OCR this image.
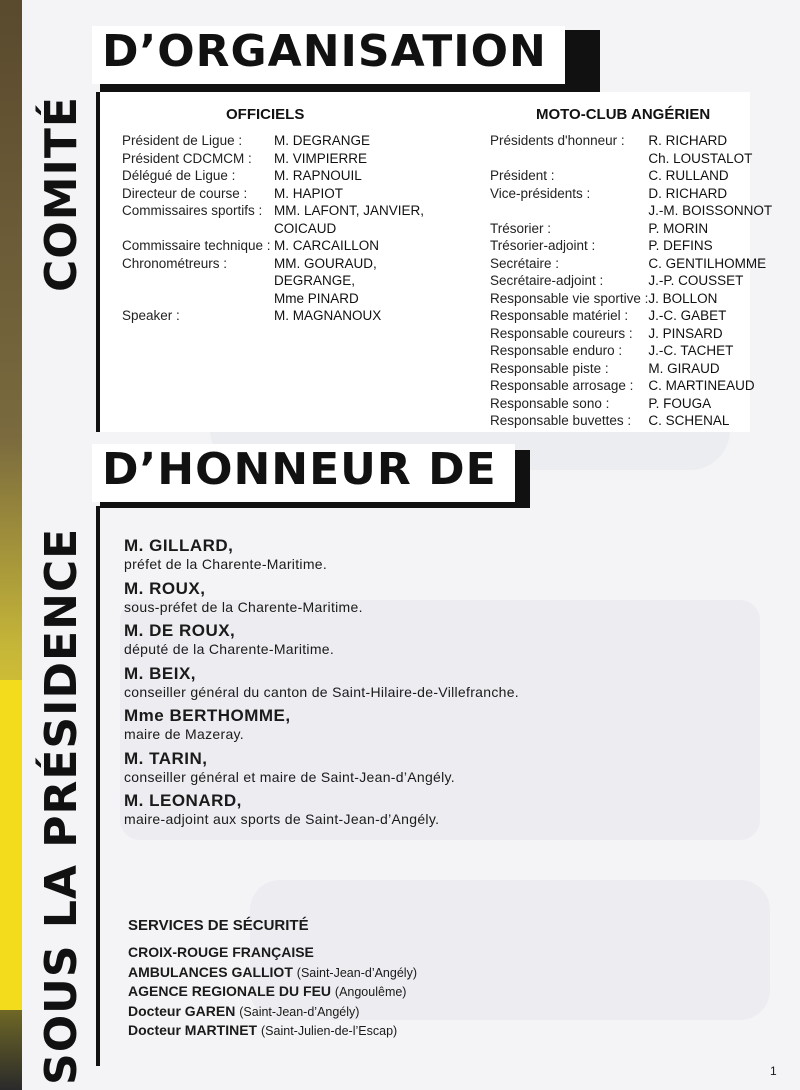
COMITÉ
SOUS LA PRÉSIDENCE
D’ORGANISATION
OFFICIELS
Président de Ligue :	M. DEGRANGE
Président CDCMCM :	M. VIMPIERRE
Délégué de Ligue :	M. RAPNOUIL
Directeur de course :	M. HAPIOT
Commissaires sportifs :	MM. LAFONT, JANVIER,
	COICAUD
Commissaire technique :	M. CARCAILLON
Chronométreurs :	MM. GOURAUD,
	DEGRANGE,
	Mme PINARD
Speaker :	M. MAGNANOUX
MOTO-CLUB ANGÉRIEN
Présidents d'honneur :	R. RICHARD
	Ch. LOUSTALOT
Président :	C. RULLAND
Vice-présidents :	D. RICHARD
	J.-M. BOISSONNOT
Trésorier :	P. MORIN
Trésorier-adjoint :	P. DEFINS
Secrétaire :	C. GENTILHOMME
Secrétaire-adjoint :	J.-P. COUSSET
Responsable vie sportive :	J. BOLLON
Responsable matériel :	J.-C. GABET
Responsable coureurs :	J. PINSARD
Responsable enduro :	J.-C. TACHET
Responsable piste :	M. GIRAUD
Responsable arrosage :	C. MARTINEAUD
Responsable sono :	P. FOUGA
Responsable buvettes :	C. SCHENAL
D’HONNEUR DE
M. GILLARD,
préfet de la Charente-Maritime.
M. ROUX,
sous-préfet de la Charente-Maritime.
M. DE ROUX,
député de la Charente-Maritime.
M. BEIX,
conseiller général du canton de Saint-Hilaire-de-Villefranche.
Mme BERTHOMME,
maire de Mazeray.
M. TARIN,
conseiller général et maire de Saint-Jean-d’Angély.
M. LEONARD,
maire-adjoint aux sports de Saint-Jean-d’Angély.
SERVICES DE SÉCURITÉ
CROIX-ROUGE FRANÇAISE
AMBULANCES GALLIOT (Saint-Jean-d’Angély)
AGENCE REGIONALE DU FEU (Angoulême)
Docteur GAREN (Saint-Jean-d’Angély)
Docteur MARTINET (Saint-Julien-de-l’Escap)
1
